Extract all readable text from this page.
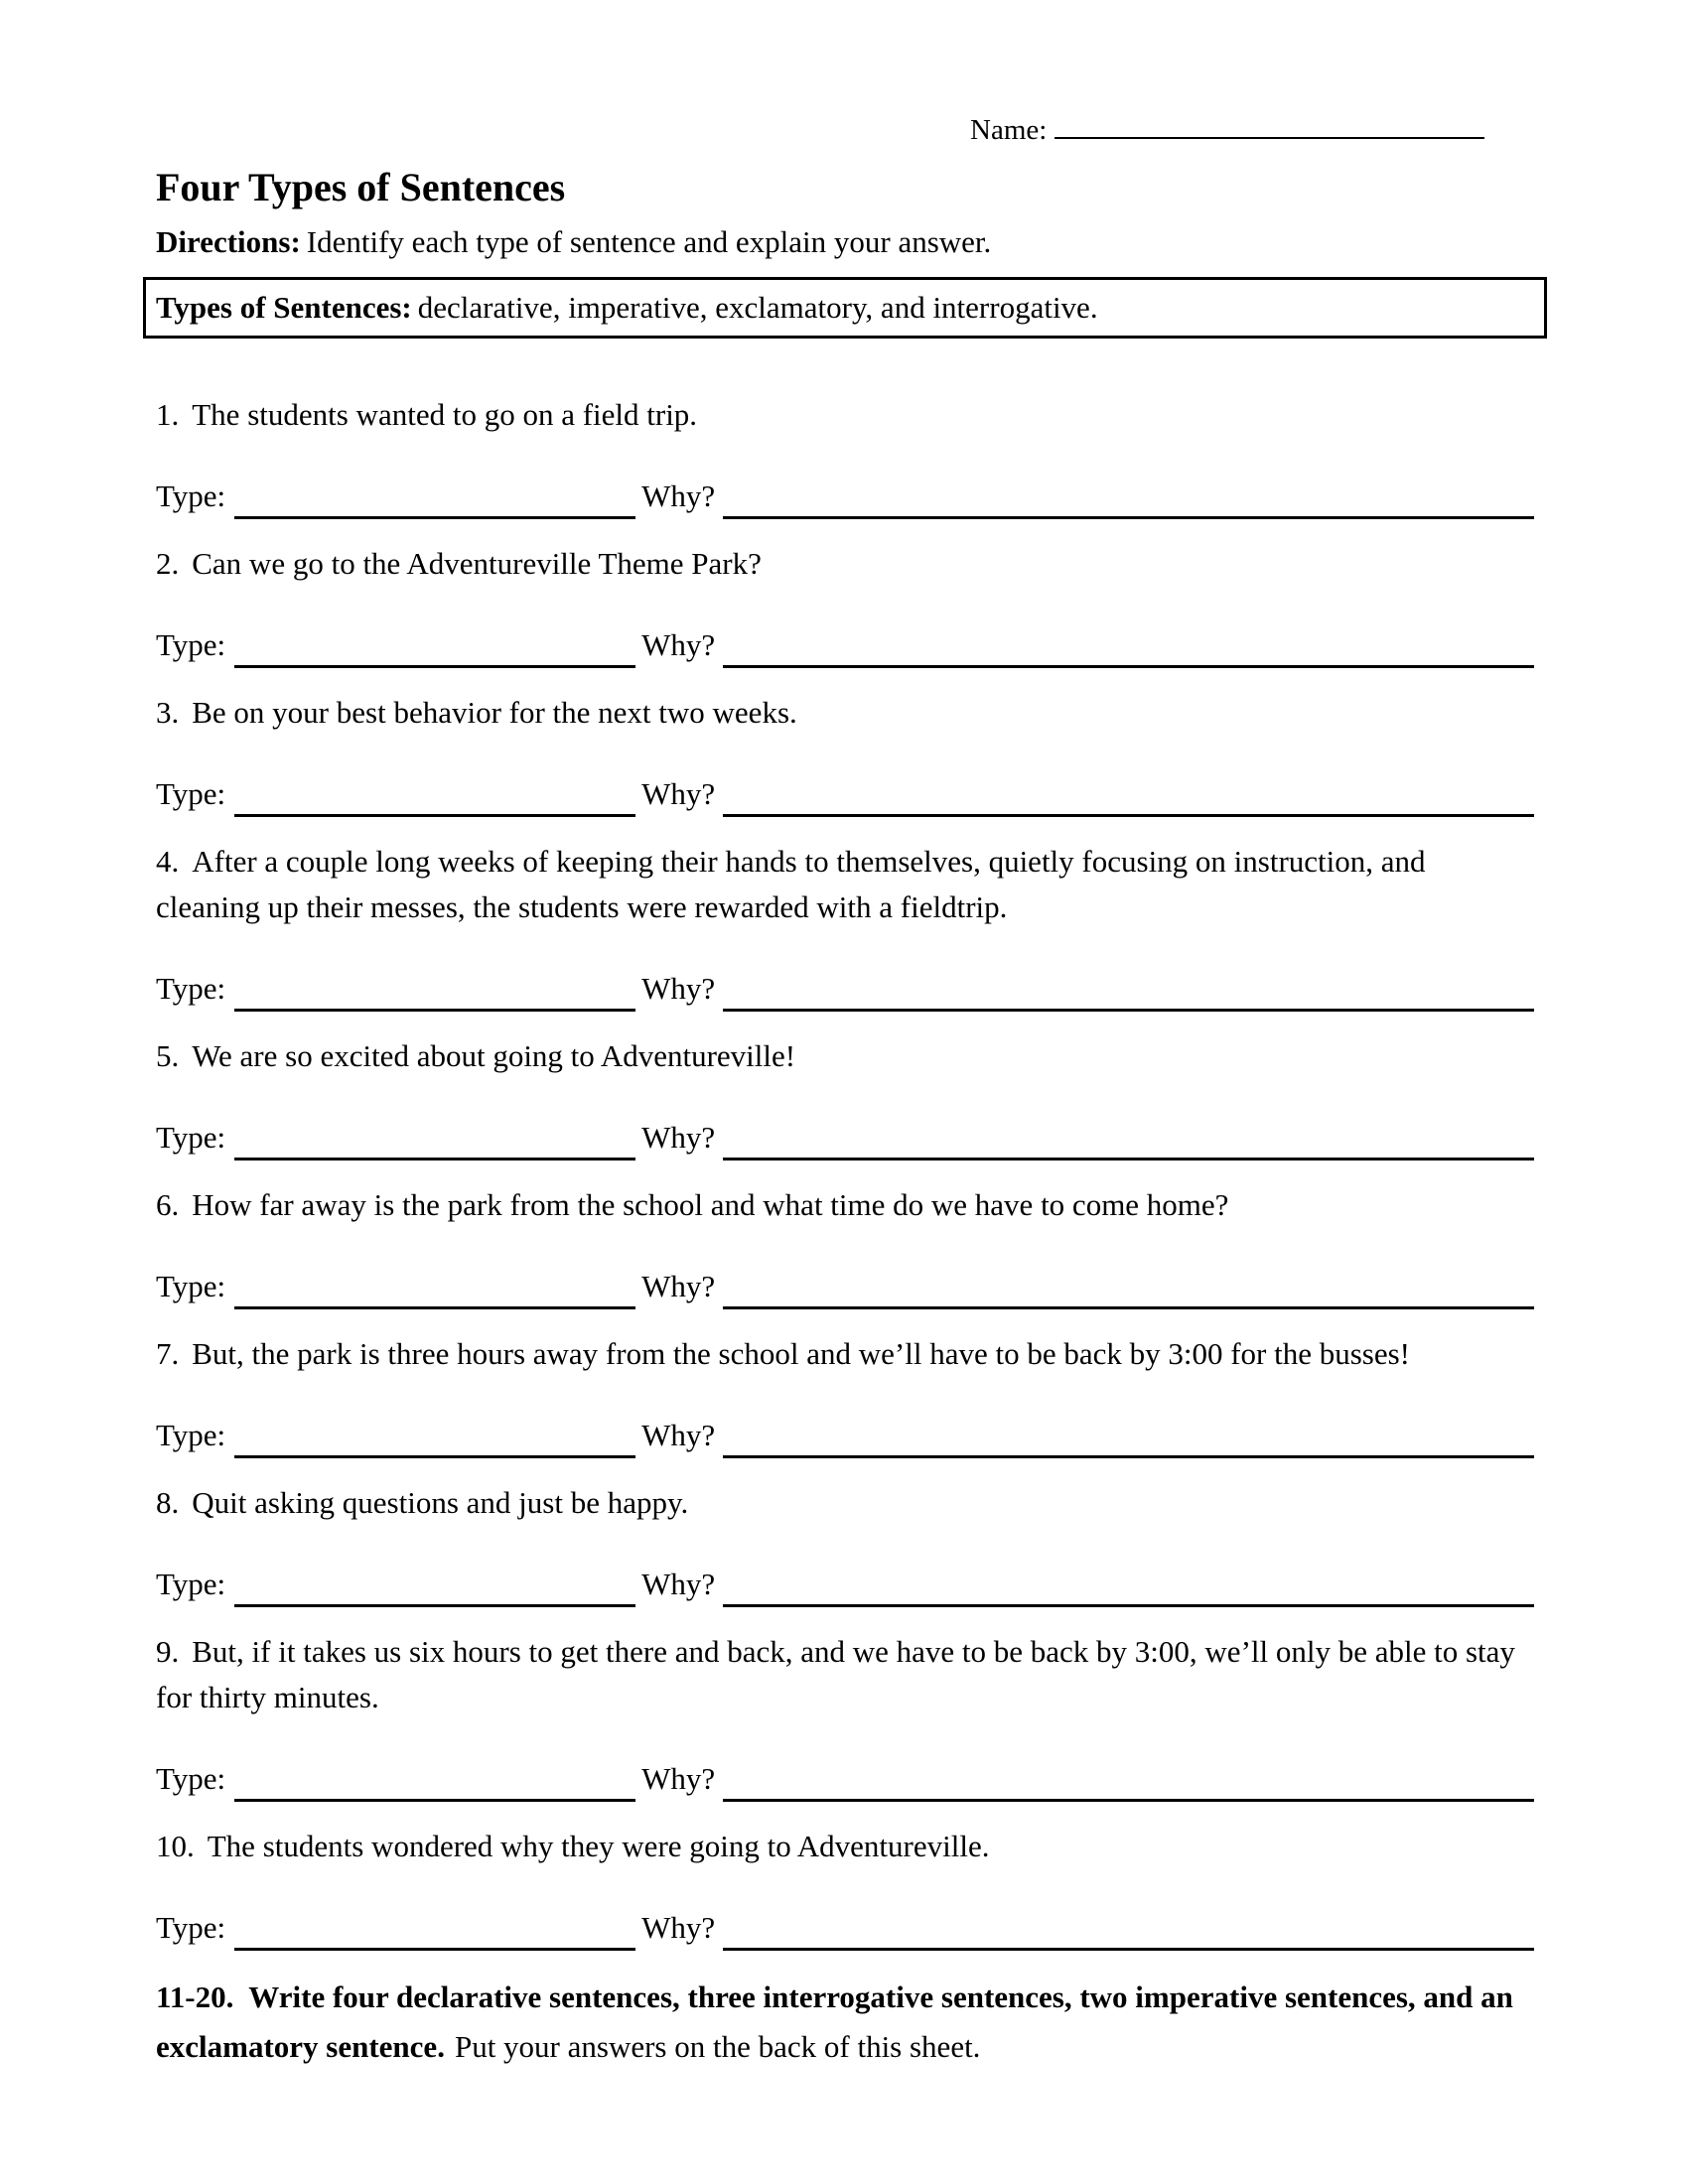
Name:
Four Types of Sentences

Directions: Identify each type of sentence and explain your answer.

Types of Sentences: declarative, imperative, exclamatory, and interrogative.

1. The students wanted to go on a field trip.

Type:	Why?

2. Can we go to the Adventureville Theme Park?

Type:	Why?

3. Be on your best behavior for the next two weeks.

Type:	Why?

4. After a couple long weeks of keeping their hands to themselves, quietly focusing on instruction, and cleaning up their messes, the students were rewarded with a fieldtrip.

Type:	Why?

5. We are so excited about going to Adventureville!

Type:	Why?

6. How far away is the park from the school and what time do we have to come home?

Type:	Why?

7. But, the park is three hours away from the school and we’ll have to be back by 3:00 for the busses!

Type:	Why?

8. Quit asking questions and just be happy.

Type:	Why?

9. But, if it takes us six hours to get there and back, and we have to be back by 3:00, we’ll only be able to stay for thirty minutes.

Type:	Why?

10. The students wondered why they were going to Adventureville.

Type:	Why?

11-20.  Write four declarative sentences, three interrogative sentences, two imperative sentences, and an exclamatory sentence. Put your answers on the back of this sheet.
